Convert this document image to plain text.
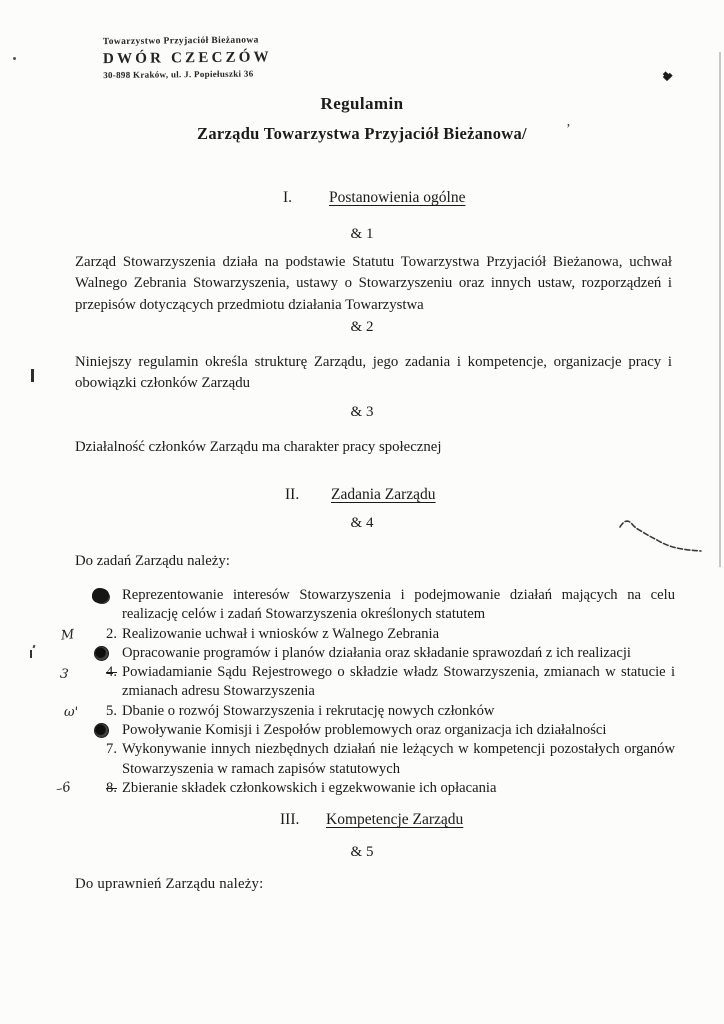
Towarzystwo Przyjaciół Bieżanowa
DWÓR CZECZÓW
30-898 Kraków, ul. J. Popiełuszki 36
Regulamin
Zarządu Towarzystwa Przyjaciół Bieżanowa/	’
I. Postanowienia ogólne
& 1
Zarząd Stowarzyszenia działa na podstawie Statutu Towarzystwa Przyjaciół Bieżanowa, uchwał Walnego Zebrania Stowarzyszenia, ustawy o Stowarzyszeniu oraz innych ustaw, rozporządzeń i przepisów dotyczących przedmiotu działania Towarzystwa
& 2
Niniejszy regulamin określa strukturę Zarządu, jego zadania i kompetencje, organizacje pracy i obowiązki członków Zarządu
& 3
Działalność członków Zarządu ma charakter pracy społecznej
II. Zadania Zarządu
& 4
Do zadań Zarządu należy:
Reprezentowanie interesów Stowarzyszenia i podejmowanie działań mających na celu realizację celów i zadań Stowarzyszenia określonych statutem
M	2. Realizowanie uchwał i wniosków z Walnego Zebrania
Opracowanie programów i planów działania oraz składanie sprawozdań z ich realizacji
3	4. Powiadamianie Sądu Rejestrowego o składzie władz Stowarzyszenia, zmianach w statucie i zmianach adresu Stowarzyszenia
ω'	5. Dbanie o rozwój Stowarzyszenia i rekrutację nowych członków
Powoływanie Komisji i Zespołów problemowych oraz organizacja ich działalności
7. Wykonywanie innych niezbędnych działań nie leżących w kompetencji pozostałych organów Stowarzyszenia w ramach zapisów statutowych
–6	8. Zbieranie składek członkowskich i egzekwowanie ich opłacania
III. Kompetencje Zarządu
& 5
Do uprawnień Zarządu należy:
